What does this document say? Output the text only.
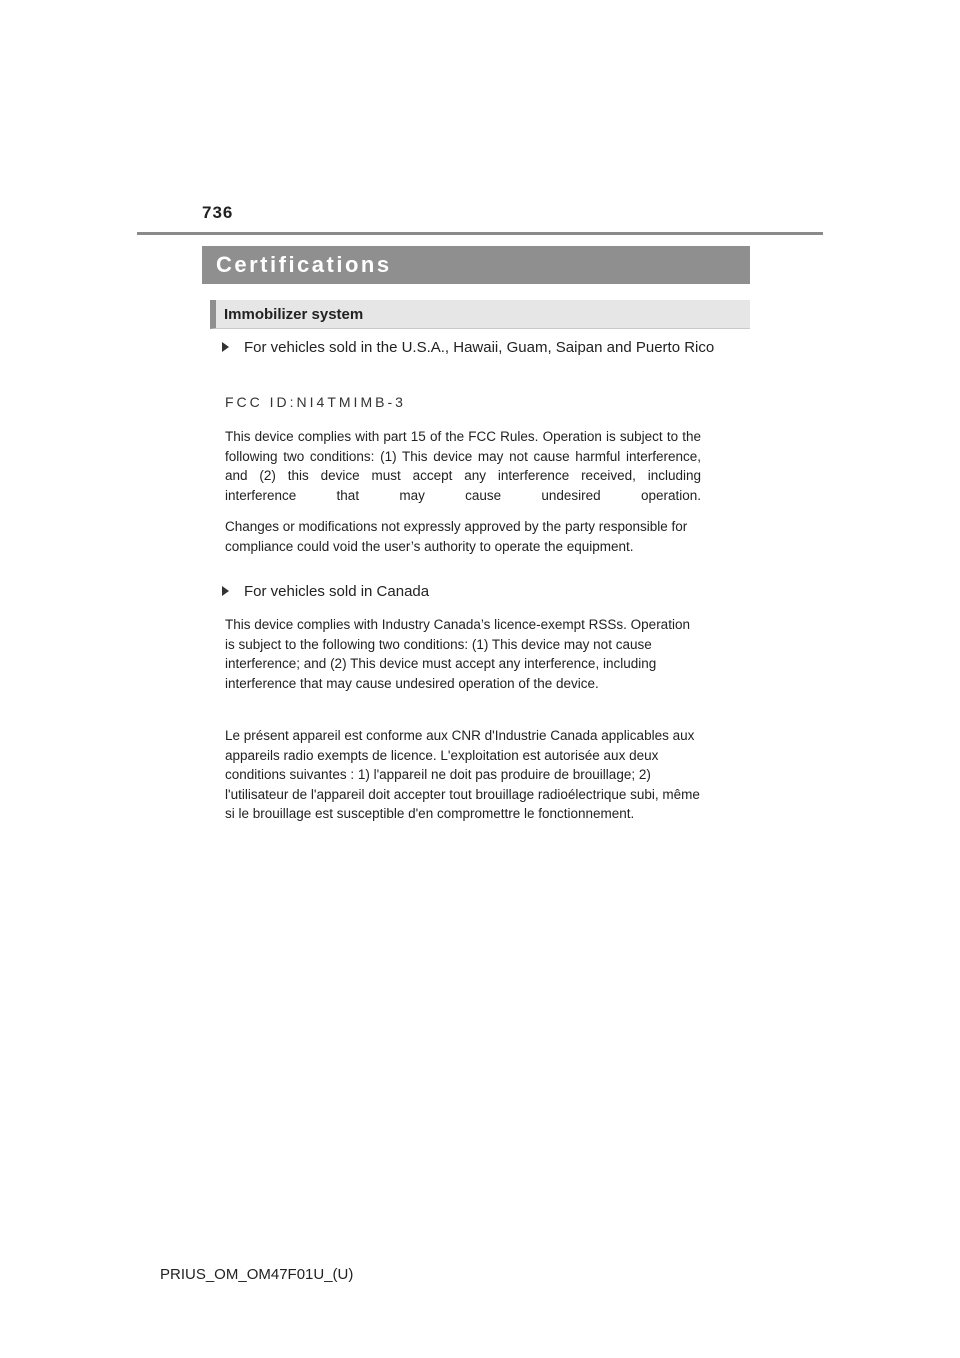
736
Certifications
Immobilizer system
For vehicles sold in the U.S.A., Hawaii, Guam, Saipan and Puerto Rico
FCC ID:NI4TMIMB-3
This device complies with part 15 of the FCC Rules. Operation is subject to the following two conditions: (1) This device may not cause harmful interference, and (2) this device must accept any interference received, including interference that may cause undesired operation.
Changes or modifications not expressly approved by the party responsible for compliance could void the user’s authority to operate the equipment.
For vehicles sold in Canada
This device complies with Industry Canada’s licence-exempt RSSs. Operation is subject to the following two conditions: (1) This device may not cause interference; and (2) This device must accept any interference, including interference that may cause undesired operation of the device.
Le présent appareil est conforme aux CNR d'Industrie Canada applicables aux appareils radio exempts de licence. L'exploitation est autorisée aux deux conditions suivantes : 1) l'appareil ne doit pas produire de brouillage; 2) l'utilisateur de l'appareil doit accepter tout brouillage radioélectrique subi, même si le brouillage est susceptible d'en compromettre le fonctionnement.
PRIUS_OM_OM47F01U_(U)
